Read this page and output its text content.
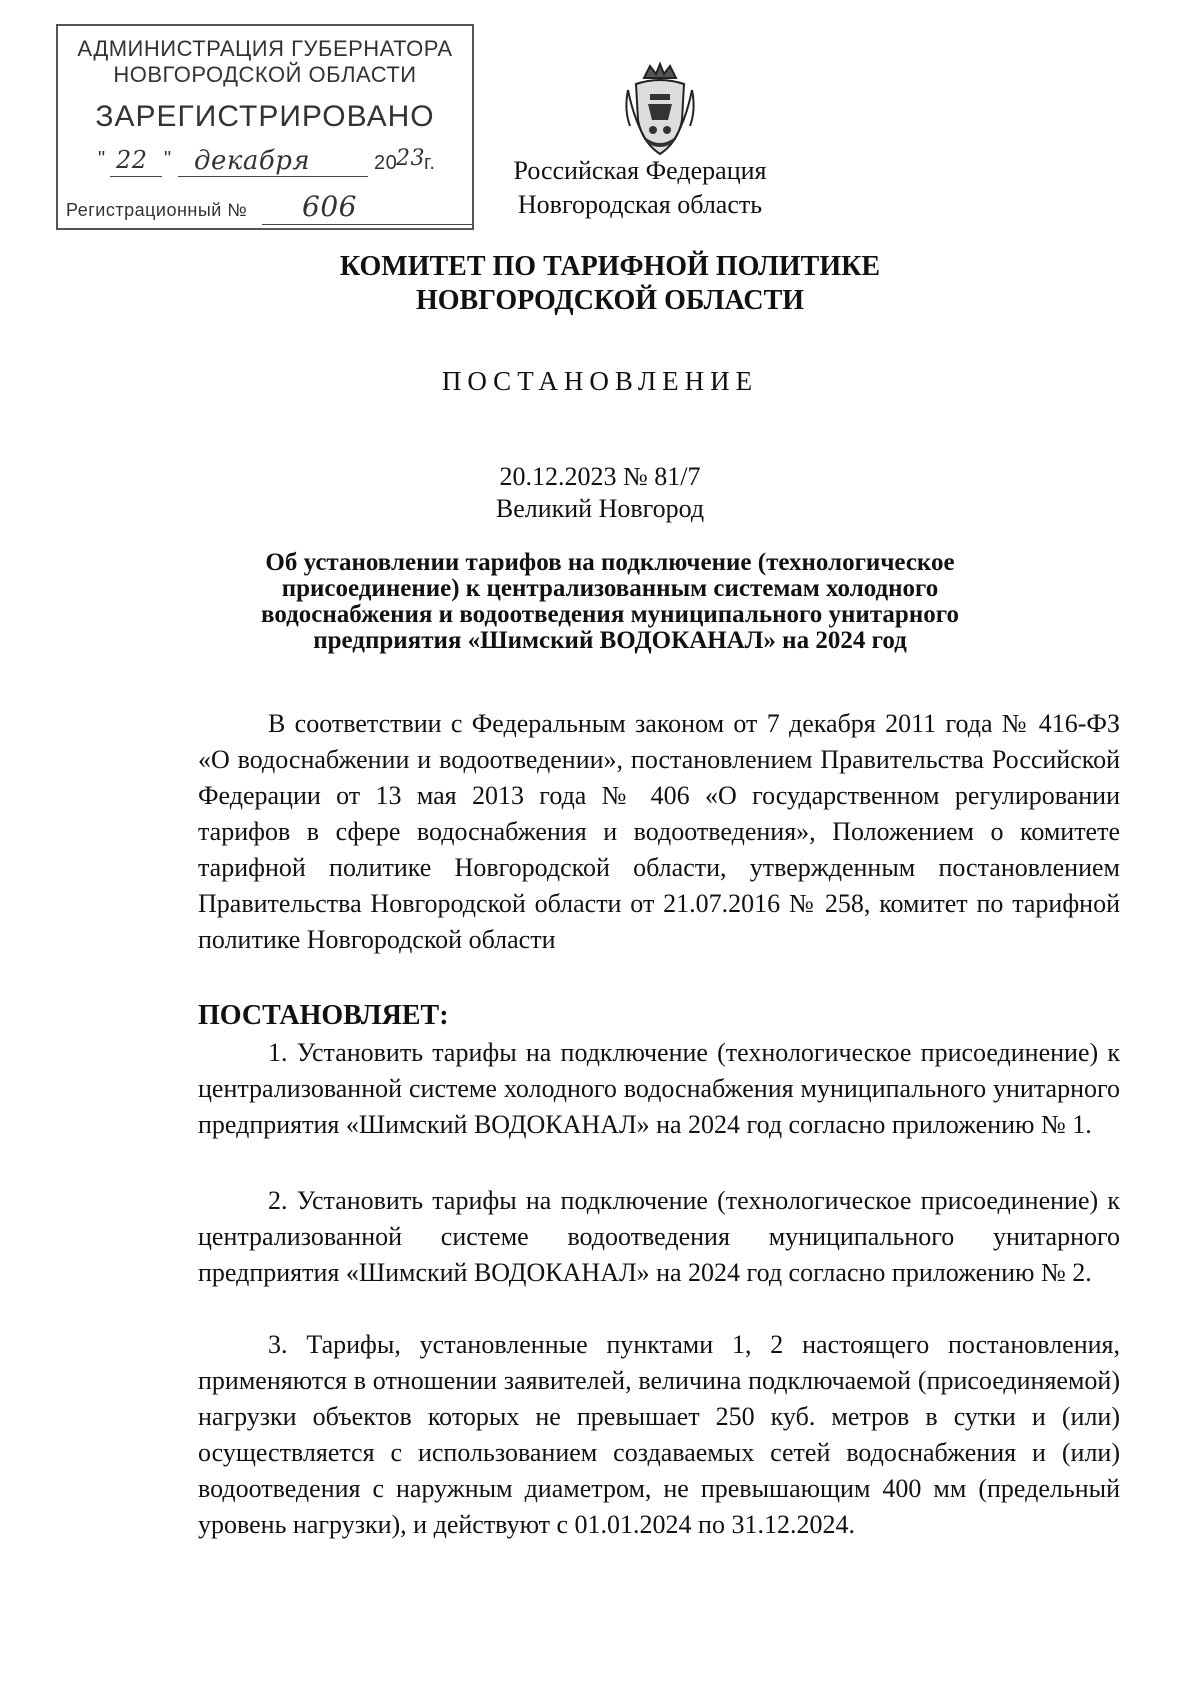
АДМИНИСТРАЦИЯ ГУБЕРНАТОРА
НОВГОРОДСКОЙ ОБЛАСТИ
ЗАРЕГИСТРИРОВАНО
" 22 " декабря	20
23 г.
Регистрационный № 606
Российская Федерация
Новгородская область
КОМИТЕТ ПО ТАРИФНОЙ ПОЛИТИКЕ НОВГОРОДСКОЙ ОБЛАСТИ
ПОСТАНОВЛЕНИЕ
20.12.2023 № 81/7
Великий Новгород
Об установлении тарифов на подключение (технологическое присоединение) к централизованным системам холодного водоснабжения и водоотведения муниципального унитарного предприятия «Шимский ВОДОКАНАЛ» на 2024 год
В соответствии с Федеральным законом от 7 декабря 2011 года № 416-ФЗ «О водоснабжении и водоотведении», постановлением Правительства Российской Федерации от 13 мая 2013 года № 406 «О государственном регулировании тарифов в сфере водоснабжения и водоотведения», Положением о комитете тарифной политике Новгородской области, утвержденным постановлением Правительства Новгородской области от 21.07.2016 № 258, комитет по тарифной политике Новгородской области
ПОСТАНОВЛЯЕТ:
1. Установить тарифы на подключение (технологическое присоединение) к централизованной системе холодного водоснабжения муниципального унитарного предприятия «Шимский ВОДОКАНАЛ» на 2024 год согласно приложению № 1.
2. Установить тарифы на подключение (технологическое присоединение) к централизованной системе водоотведения муниципального унитарного предприятия «Шимский ВОДОКАНАЛ» на 2024 год согласно приложению № 2.
3. Тарифы, установленные пунктами 1, 2 настоящего постановления, применяются в отношении заявителей, величина подключаемой (присоединяемой) нагрузки объектов которых не превышает 250 куб. метров в сутки и (или) осуществляется с использованием создаваемых сетей водоснабжения и (или) водоотведения с наружным диаметром, не превышающим 400 мм (предельный уровень нагрузки), и действуют с 01.01.2024 по 31.12.2024.
